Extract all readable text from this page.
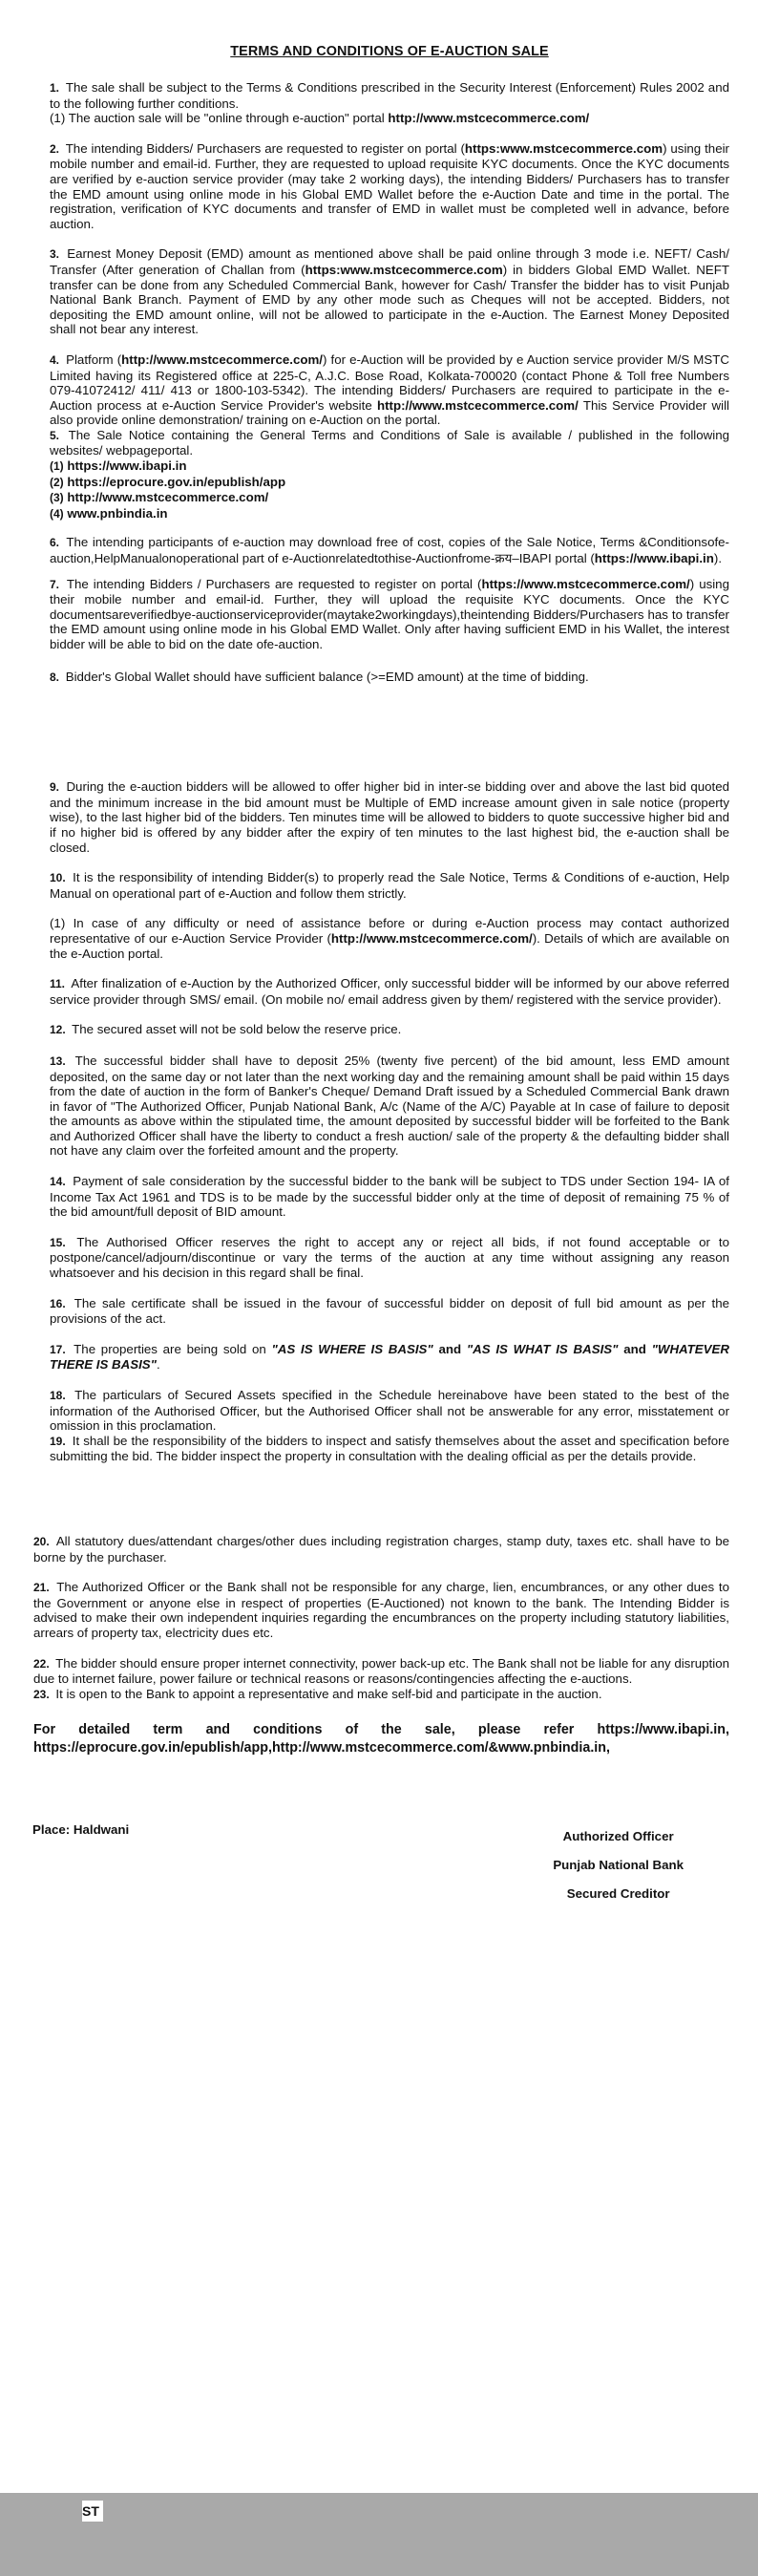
TERMS AND CONDITIONS OF E-AUCTION SALE
1. The sale shall be subject to the Terms & Conditions prescribed in the Security Interest (Enforcement) Rules 2002 and to the following further conditions.
(1) The auction sale will be "online through e-auction" portal http://www.mstcecommerce.com/
2. The intending Bidders/ Purchasers are requested to register on portal (https:www.mstcecommerce.com) using their mobile number and email-id. Further, they are requested to upload requisite KYC documents. Once the KYC documents are verified by e-auction service provider (may take 2 working days), the intending Bidders/ Purchasers has to transfer the EMD amount using online mode in his Global EMD Wallet before the e-Auction Date and time in the portal. The registration, verification of KYC documents and transfer of EMD in wallet must be completed well in advance, before auction.
3. Earnest Money Deposit (EMD) amount as mentioned above shall be paid online through 3 mode i.e. NEFT/ Cash/ Transfer (After generation of Challan from (https:www.mstcecommerce.com) in bidders Global EMD Wallet. NEFT transfer can be done from any Scheduled Commercial Bank, however for Cash/ Transfer the bidder has to visit Punjab National Bank Branch. Payment of EMD by any other mode such as Cheques will not be accepted. Bidders, not depositing the EMD amount online, will not be allowed to participate in the e-Auction. The Earnest Money Deposited shall not bear any interest.
4. Platform (http://www.mstcecommerce.com/) for e-Auction will be provided by e Auction service provider M/S MSTC Limited having its Registered office at 225-C, A.J.C. Bose Road, Kolkata-700020 (contact Phone & Toll free Numbers 079-41072412/ 411/ 413 or 1800-103-5342). The intending Bidders/ Purchasers are required to participate in the e-Auction process at e-Auction Service Provider's website http://www.mstcecommerce.com/ This Service Provider will also provide online demonstration/ training on e-Auction on the portal.
5. The Sale Notice containing the General Terms and Conditions of Sale is available / published in the following websites/ webpageportal.
(1) https://www.ibapi.in
(2) https://eprocure.gov.in/epublish/app
(3) http://www.mstcecommerce.com/
(4) www.pnbindia.in
6. The intending participants of e-auction may download free of cost, copies of the Sale Notice, Terms &Conditionsofe-auction,HelpManualonoperational part of e-Auctionrelatedtothise-Auctionfrome-क्रय–IBAPI portal (https://www.ibapi.in).
7. The intending Bidders / Purchasers are requested to register on portal (https://www.mstcecommerce.com/) using their mobile number and email-id. Further, they will upload the requisite KYC documents. Once the KYC documentsareverifiedbye-auctionserviceprovider(maytake2workingdays),theintending Bidders/Purchasers has to transfer the EMD amount using online mode in his Global EMD Wallet. Only after having sufficient EMD in his Wallet, the interest bidder will be able to bid on the date ofe-auction.
8. Bidder's Global Wallet should have sufficient balance (>=EMD amount) at the time of bidding.
9. During the e-auction bidders will be allowed to offer higher bid in inter-se bidding over and above the last bid quoted and the minimum increase in the bid amount must be Multiple of EMD increase amount given in sale notice (property wise), to the last higher bid of the bidders. Ten minutes time will be allowed to bidders to quote successive higher bid and if no higher bid is offered by any bidder after the expiry of ten minutes to the last highest bid, the e-auction shall be closed.
10. It is the responsibility of intending Bidder(s) to properly read the Sale Notice, Terms & Conditions of e-auction, Help Manual on operational part of e-Auction and follow them strictly.
(1) In case of any difficulty or need of assistance before or during e-Auction process may contact authorized representative of our e-Auction Service Provider (http://www.mstcecommerce.com/). Details of which are available on the e-Auction portal.
11. After finalization of e-Auction by the Authorized Officer, only successful bidder will be informed by our above referred service provider through SMS/ email. (On mobile no/ email address given by them/ registered with the service provider).
12. The secured asset will not be sold below the reserve price.
13. The successful bidder shall have to deposit 25% (twenty five percent) of the bid amount, less EMD amount deposited, on the same day or not later than the next working day and the remaining amount shall be paid within 15 days from the date of auction in the form of Banker's Cheque/ Demand Draft issued by a Scheduled Commercial Bank drawn in favor of "The Authorized Officer, Punjab National Bank, A/c (Name of the A/C) Payable at In case of failure to deposit the amounts as above within the stipulated time, the amount deposited by successful bidder will be forfeited to the Bank and Authorized Officer shall have the liberty to conduct a fresh auction/ sale of the property & the defaulting bidder shall not have any claim over the forfeited amount and the property.
14. Payment of sale consideration by the successful bidder to the bank will be subject to TDS under Section 194- IA of Income Tax Act 1961 and TDS is to be made by the successful bidder only at the time of deposit of remaining 75 % of the bid amount/full deposit of BID amount.
15. The Authorised Officer reserves the right to accept any or reject all bids, if not found acceptable or to postpone/cancel/adjourn/discontinue or vary the terms of the auction at any time without assigning any reason whatsoever and his decision in this regard shall be final.
16. The sale certificate shall be issued in the favour of successful bidder on deposit of full bid amount as per the provisions of the act.
17. The properties are being sold on "AS IS WHERE IS BASIS" and "AS IS WHAT IS BASIS" and "WHATEVER THERE IS BASIS".
18. The particulars of Secured Assets specified in the Schedule hereinabove have been stated to the best of the information of the Authorised Officer, but the Authorised Officer shall not be answerable for any error, misstatement or omission in this proclamation.
19. It shall be the responsibility of the bidders to inspect and satisfy themselves about the asset and specification before submitting the bid. The bidder inspect the property in consultation with the dealing official as per the details provide.
20. All statutory dues/attendant charges/other dues including registration charges, stamp duty, taxes etc. shall have to be borne by the purchaser.
21. The Authorized Officer or the Bank shall not be responsible for any charge, lien, encumbrances, or any other dues to the Government or anyone else in respect of properties (E-Auctioned) not known to the bank. The Intending Bidder is advised to make their own independent inquiries regarding the encumbrances on the property including statutory liabilities, arrears of property tax, electricity dues etc.
22. The bidder should ensure proper internet connectivity, power back-up etc. The Bank shall not be liable for any disruption due to internet failure, power failure or technical reasons or reasons/contingencies affecting the e-auctions.
23. It is open to the Bank to appoint a representative and make self-bid and participate in the auction.
For detailed term and conditions of the sale, please refer https://www.ibapi.in, https://eprocure.gov.in/epublish/app,http://www.mstcecommerce.com/&www.pnbindia.in,
Place: Haldwani	Authorized Officer
Punjab National Bank
Secured Creditor
ST
